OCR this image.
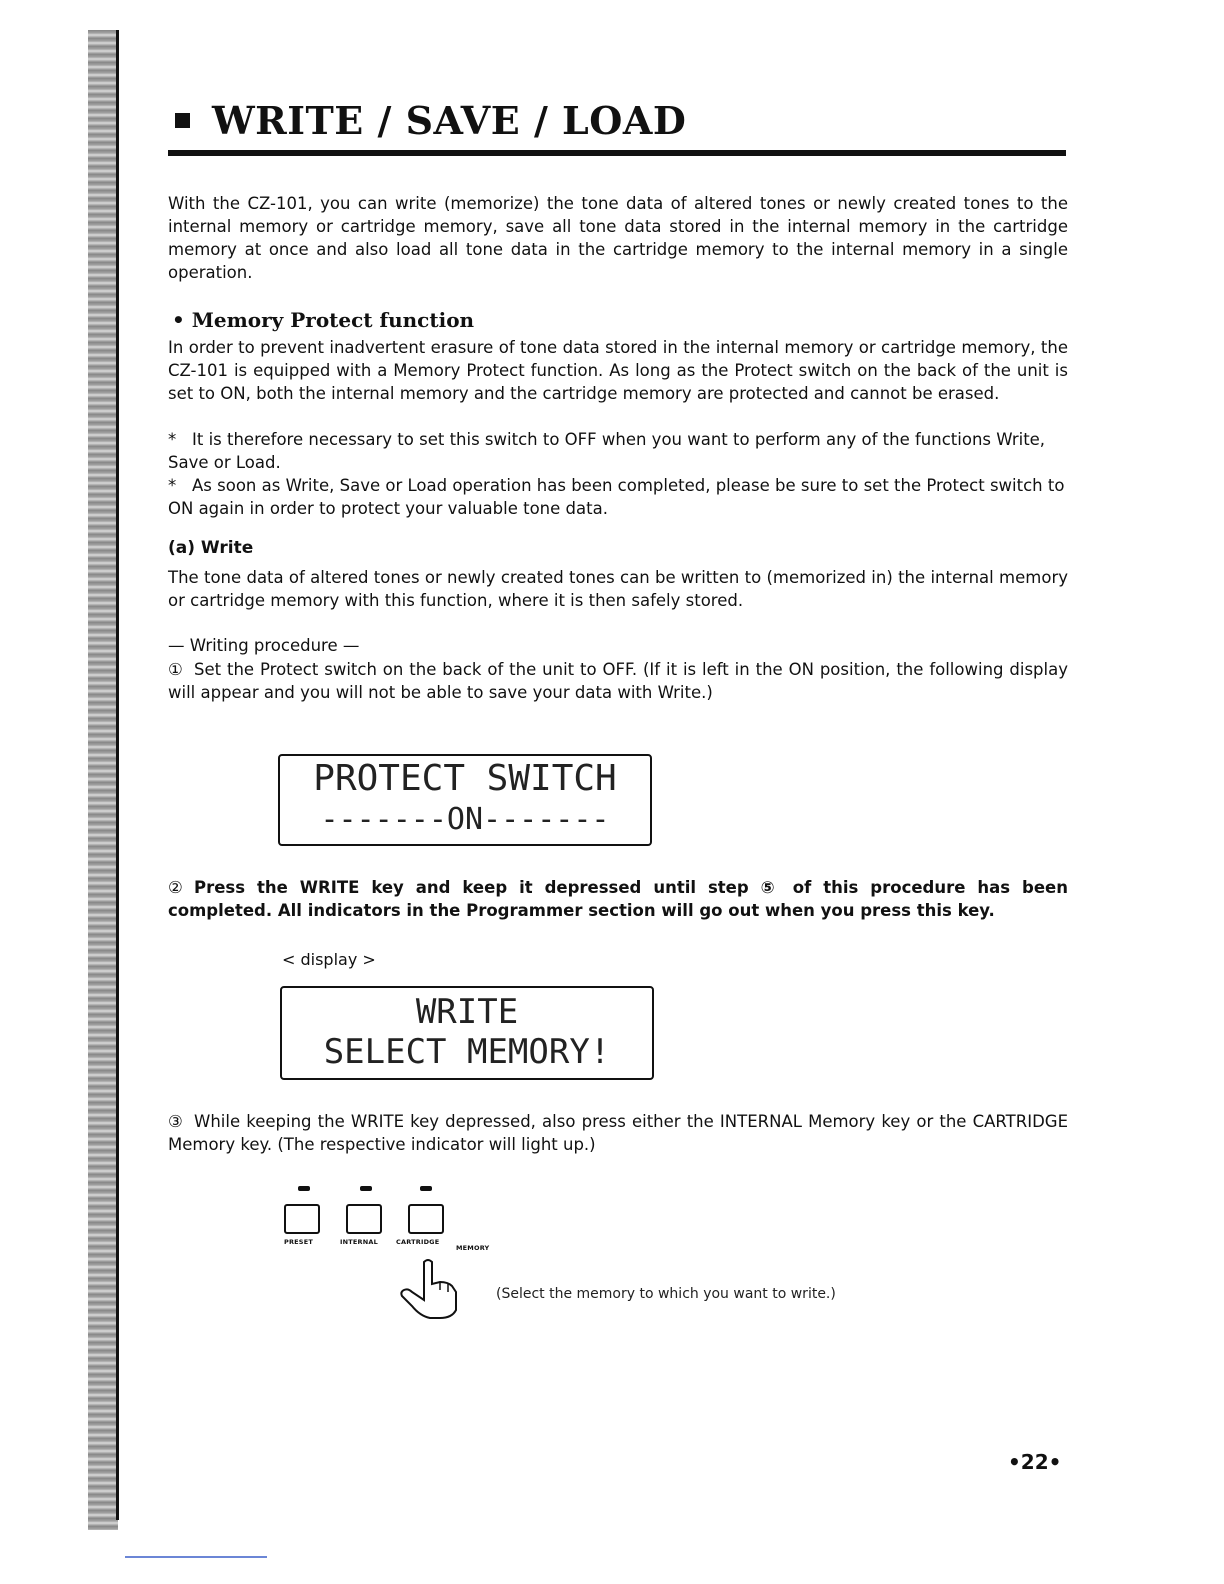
WRITE / SAVE / LOAD

With the CZ-101, you can write (memorize) the tone data of altered tones or newly created tones to the internal memory or cartridge memory, save all tone data stored in the internal memory in the cartridge memory at once and also load all tone data in the cartridge memory to the internal memory in a single operation.

• Memory Protect function

In order to prevent inadvertent erasure of tone data stored in the internal memory or cartridge memory, the CZ-101 is equipped with a Memory Protect function. As long as the Protect switch on the back of the unit is set to ON, both the internal memory and the cartridge memory are protected and cannot be erased.

* It is therefore necessary to set this switch to OFF when you want to perform any of the functions Write, Save or Load.

* As soon as Write, Save or Load operation has been completed, please be sure to set the Protect switch to ON again in order to protect your valuable tone data.

(a) Write

The tone data of altered tones or newly created tones can be written to (memorized in) the internal memory or cartridge memory with this function, where it is then safely stored.

— Writing procedure —

① Set the Protect switch on the back of the unit to OFF. (If it is left in the ON position, the following display will appear and you will not be able to save your data with Write.)

PROTECT SWITCH
-------ON-------

② Press the WRITE key and keep it depressed until step ⑤ of this procedure has been completed. All indicators in the Programmer section will go out when you press this key.

< display >

WRITE
SELECT MEMORY!

③ While keeping the WRITE key depressed, also press either the INTERNAL Memory key or the CARTRIDGE Memory key. (The respective indicator will light up.)

PRESET	INTERNAL	CARTRIDGE
MEMORY

(Select the memory to which you want to write.)

•22•
